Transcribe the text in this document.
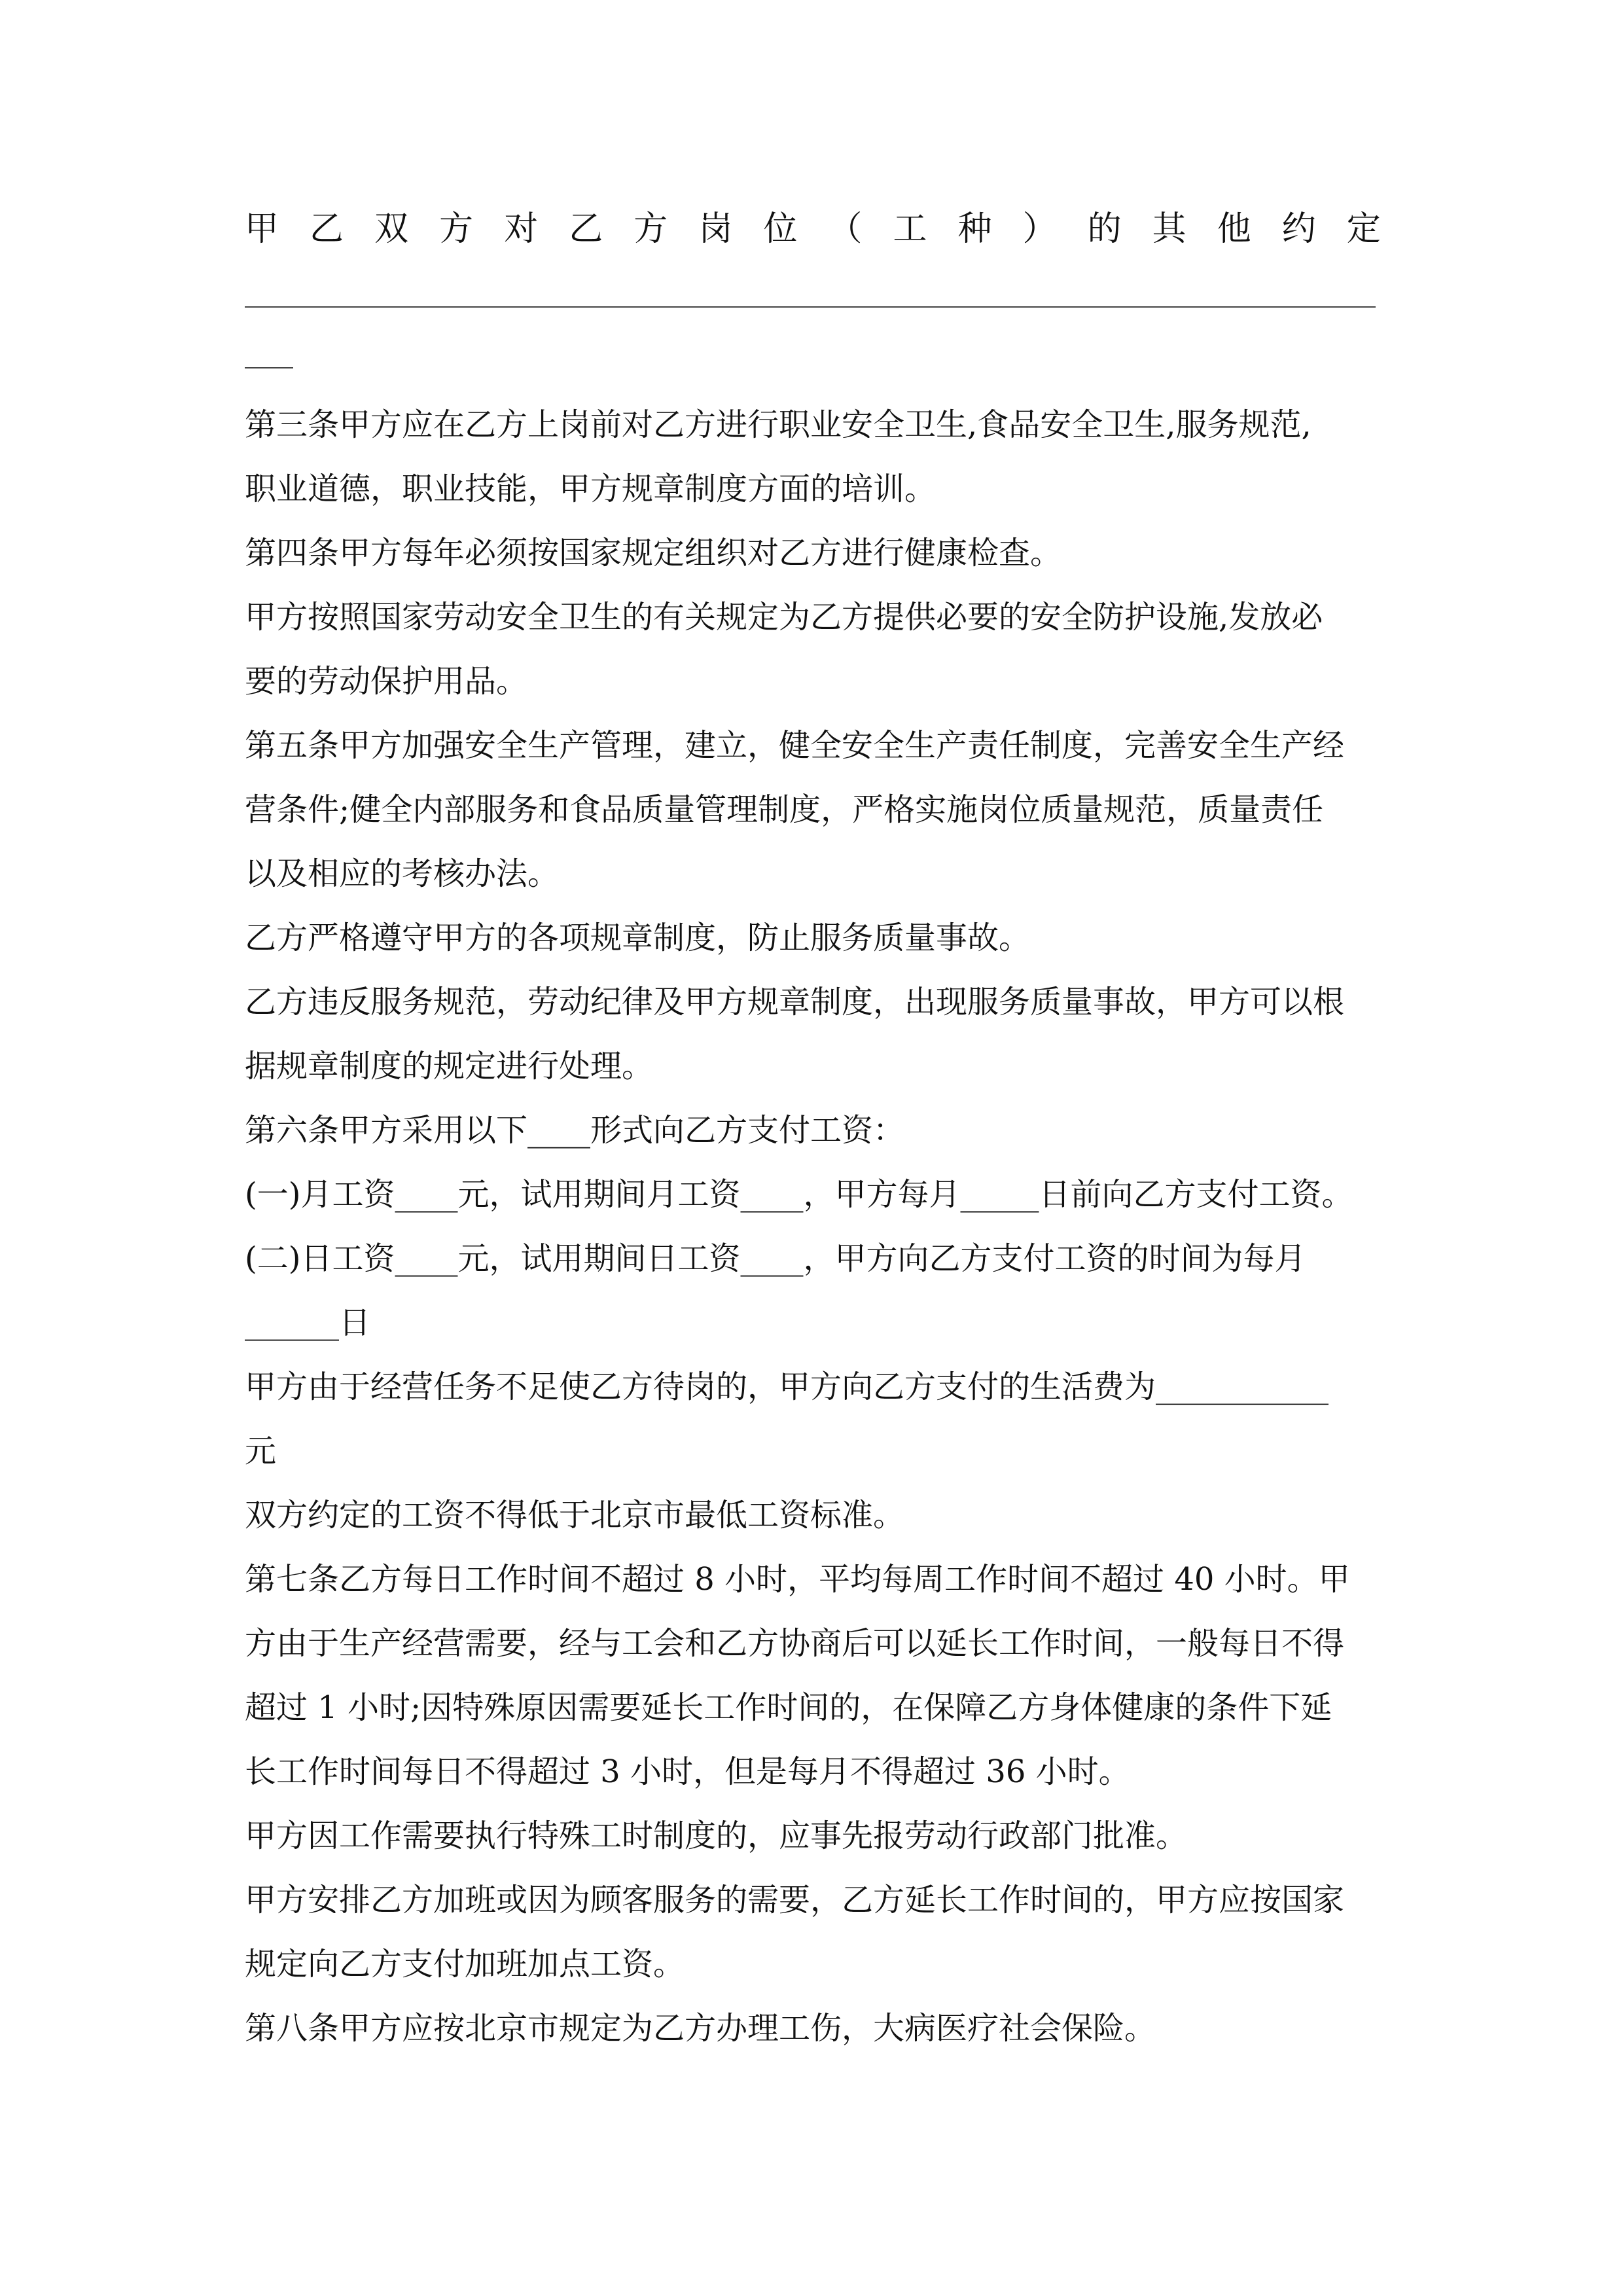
甲 乙 双 方 对 乙 方 岗 位 （ 工 种 ） 的 其 他 约 定

第三条甲方应在乙方上岗前对乙方进行职业安全卫生,食品安全卫生,服务规范,

职业道德，职业技能，甲方规章制度方面的培训。

第四条甲方每年必须按国家规定组织对乙方进行健康检查。

甲方按照国家劳动安全卫生的有关规定为乙方提供必要的安全防护设施,发放必

要的劳动保护用品。

第五条甲方加强安全生产管理，建立，健全安全生产责任制度，完善安全生产经

营条件;健全内部服务和食品质量管理制度，严格实施岗位质量规范，质量责任

以及相应的考核办法。

乙方严格遵守甲方的各项规章制度，防止服务质量事故。

乙方违反服务规范，劳动纪律及甲方规章制度，出现服务质量事故，甲方可以根

据规章制度的规定进行处理。

第六条甲方采用以下____形式向乙方支付工资：

(一)月工资____元，试用期间月工资____，甲方每月_____日前向乙方支付工资。

(二)日工资____元，试用期间日工资____，甲方向乙方支付工资的时间为每月

______日

甲方由于经营任务不足使乙方待岗的，甲方向乙方支付的生活费为___________

元

双方约定的工资不得低于北京市最低工资标准。

第七条乙方每日工作时间不超过 8 小时，平均每周工作时间不超过 40 小时。甲

方由于生产经营需要，经与工会和乙方协商后可以延长工作时间，一般每日不得

超过 1 小时;因特殊原因需要延长工作时间的，在保障乙方身体健康的条件下延

长工作时间每日不得超过 3 小时，但是每月不得超过 36 小时。

甲方因工作需要执行特殊工时制度的，应事先报劳动行政部门批准。

甲方安排乙方加班或因为顾客服务的需要，乙方延长工作时间的，甲方应按国家

规定向乙方支付加班加点工资。

第八条甲方应按北京市规定为乙方办理工伤，大病医疗社会保险。
